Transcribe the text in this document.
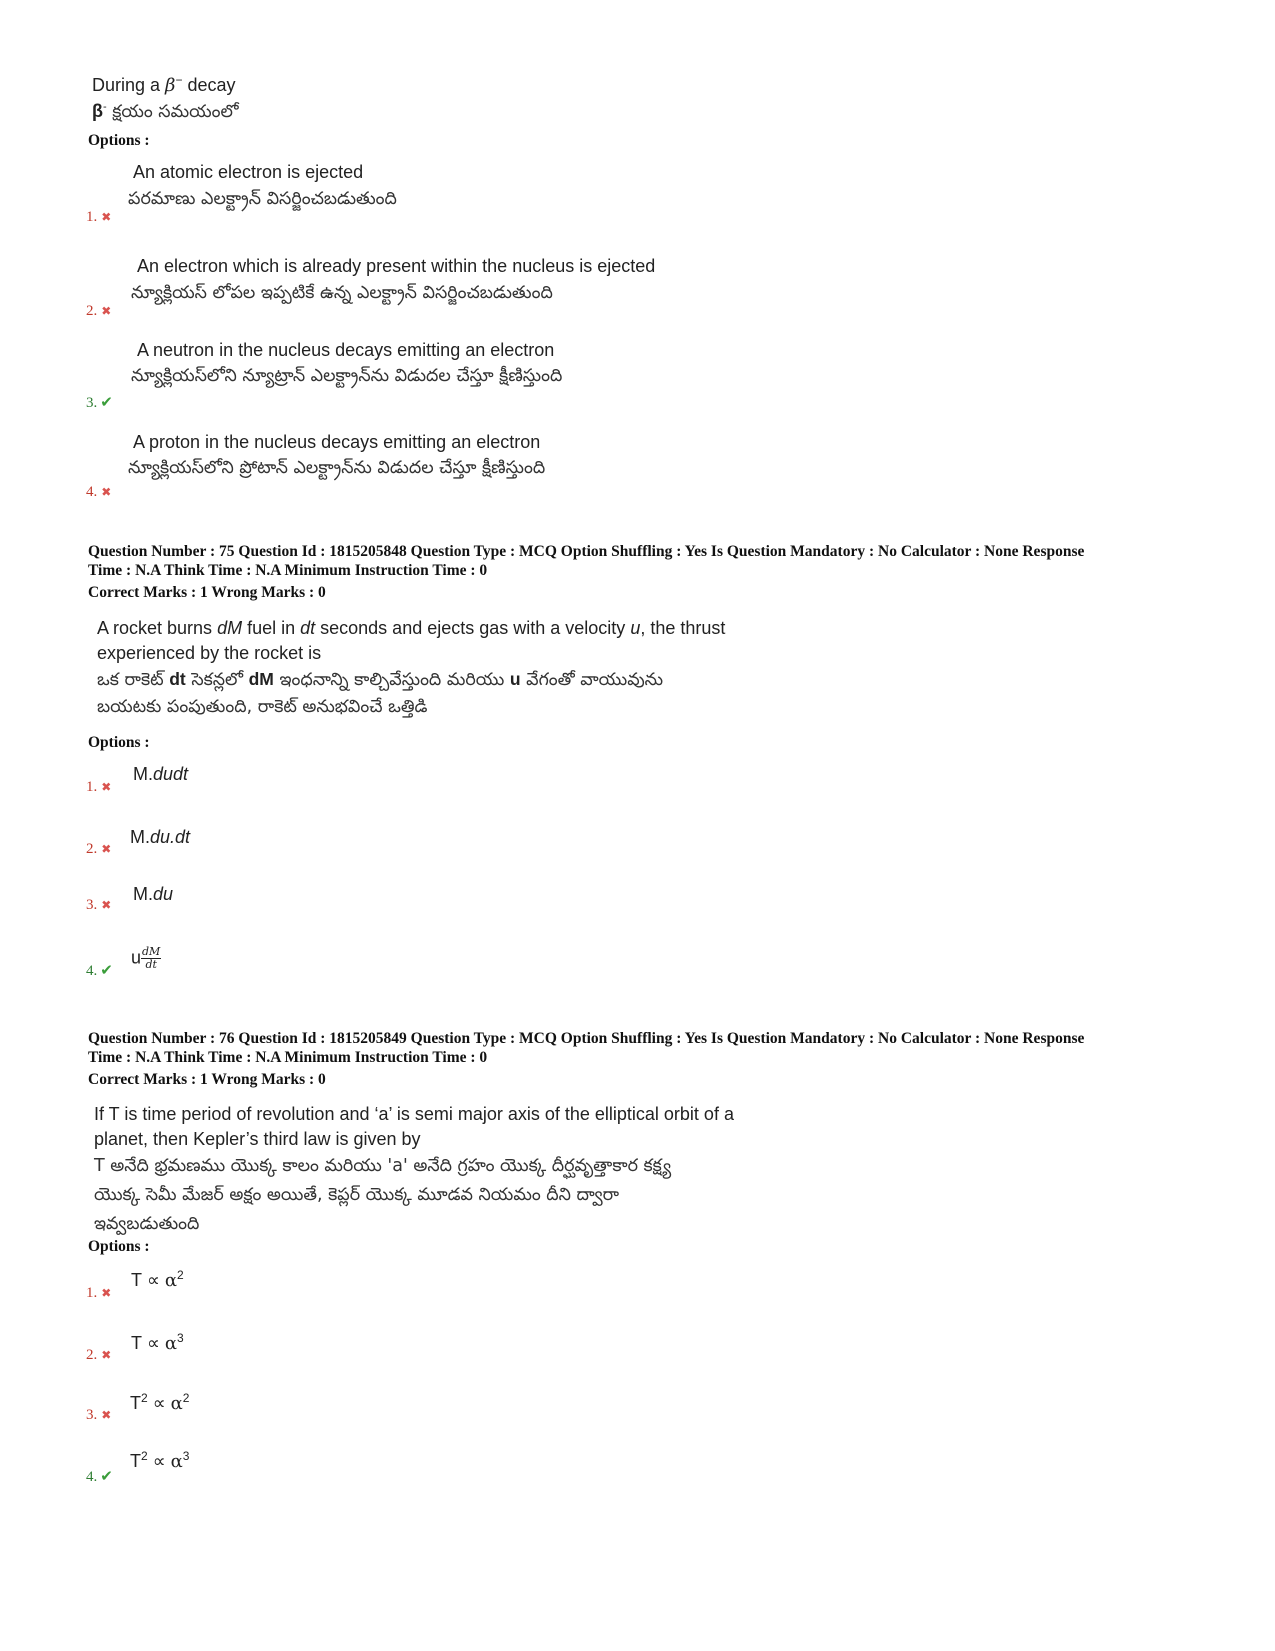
During a β− decay
β- క్షయం సమయంలో
Options :
An atomic electron is ejected
పరమాణు ఎలక్ట్రాన్ విసర్జించబడుతుంది
1. ✖
An electron which is already present within the nucleus is ejected
న్యూక్లియస్ లోపల ఇప్పటికే ఉన్న ఎలక్ట్రాన్ విసర్జించబడుతుంది
2. ✖
A neutron in the nucleus decays emitting an electron
న్యూక్లియస్‌లోని న్యూట్రాన్ ఎలక్ట్రాన్‌ను విడుదల చేస్తూ క్షీణిస్తుంది
3. ✔
A proton in the nucleus decays emitting an electron
న్యూక్లియస్‌లోని ప్రోటాన్ ఎలక్ట్రాన్‌ను విడుదల చేస్తూ క్షీణిస్తుంది
4. ✖
Question Number : 75 Question Id : 1815205848 Question Type : MCQ Option Shuffling : Yes Is Question Mandatory : No Calculator : None Response
Time : N.A Think Time : N.A Minimum Instruction Time : 0
Correct Marks : 1 Wrong Marks : 0
A rocket burns dM fuel in dt seconds and ejects gas with a velocity u, the thrust
experienced by the rocket is
ఒక రాకెట్ dt సెకన్లలో dM ఇంధనాన్ని కాల్చివేస్తుంది మరియు u వేగంతో వాయువును
బయటకు పంపుతుంది, రాకెట్ అనుభవించే ఒత్తిడి
Options :
M.dudt
1. ✖
M.du.dt
2. ✖
M.du
3. ✖
u $\frac{dM}{dt}$
4. ✔
Question Number : 76 Question Id : 1815205849 Question Type : MCQ Option Shuffling : Yes Is Question Mandatory : No Calculator : None Response
Time : N.A Think Time : N.A Minimum Instruction Time : 0
Correct Marks : 1 Wrong Marks : 0
If T is time period of revolution and ‘a’ is semi major axis of the elliptical orbit of a
planet, then Kepler’s third law is given by
T అనేది భ్రమణము యొక్క కాలం మరియు 'a' అనేది గ్రహం యొక్క దీర్ఘవృత్తాకార కక్ష్య
యొక్క సెమీ మేజర్ అక్షం అయితే, కెప్లర్ యొక్క మూడవ నియమం దీని ద్వారా
ఇవ్వబడుతుంది
Options :
$T \propto \alpha^2$
1. ✖
$T \propto \alpha^3$
2. ✖
$T^2 \propto \alpha^2$
3. ✖
$T^2 \propto \alpha^3$
4. ✔
